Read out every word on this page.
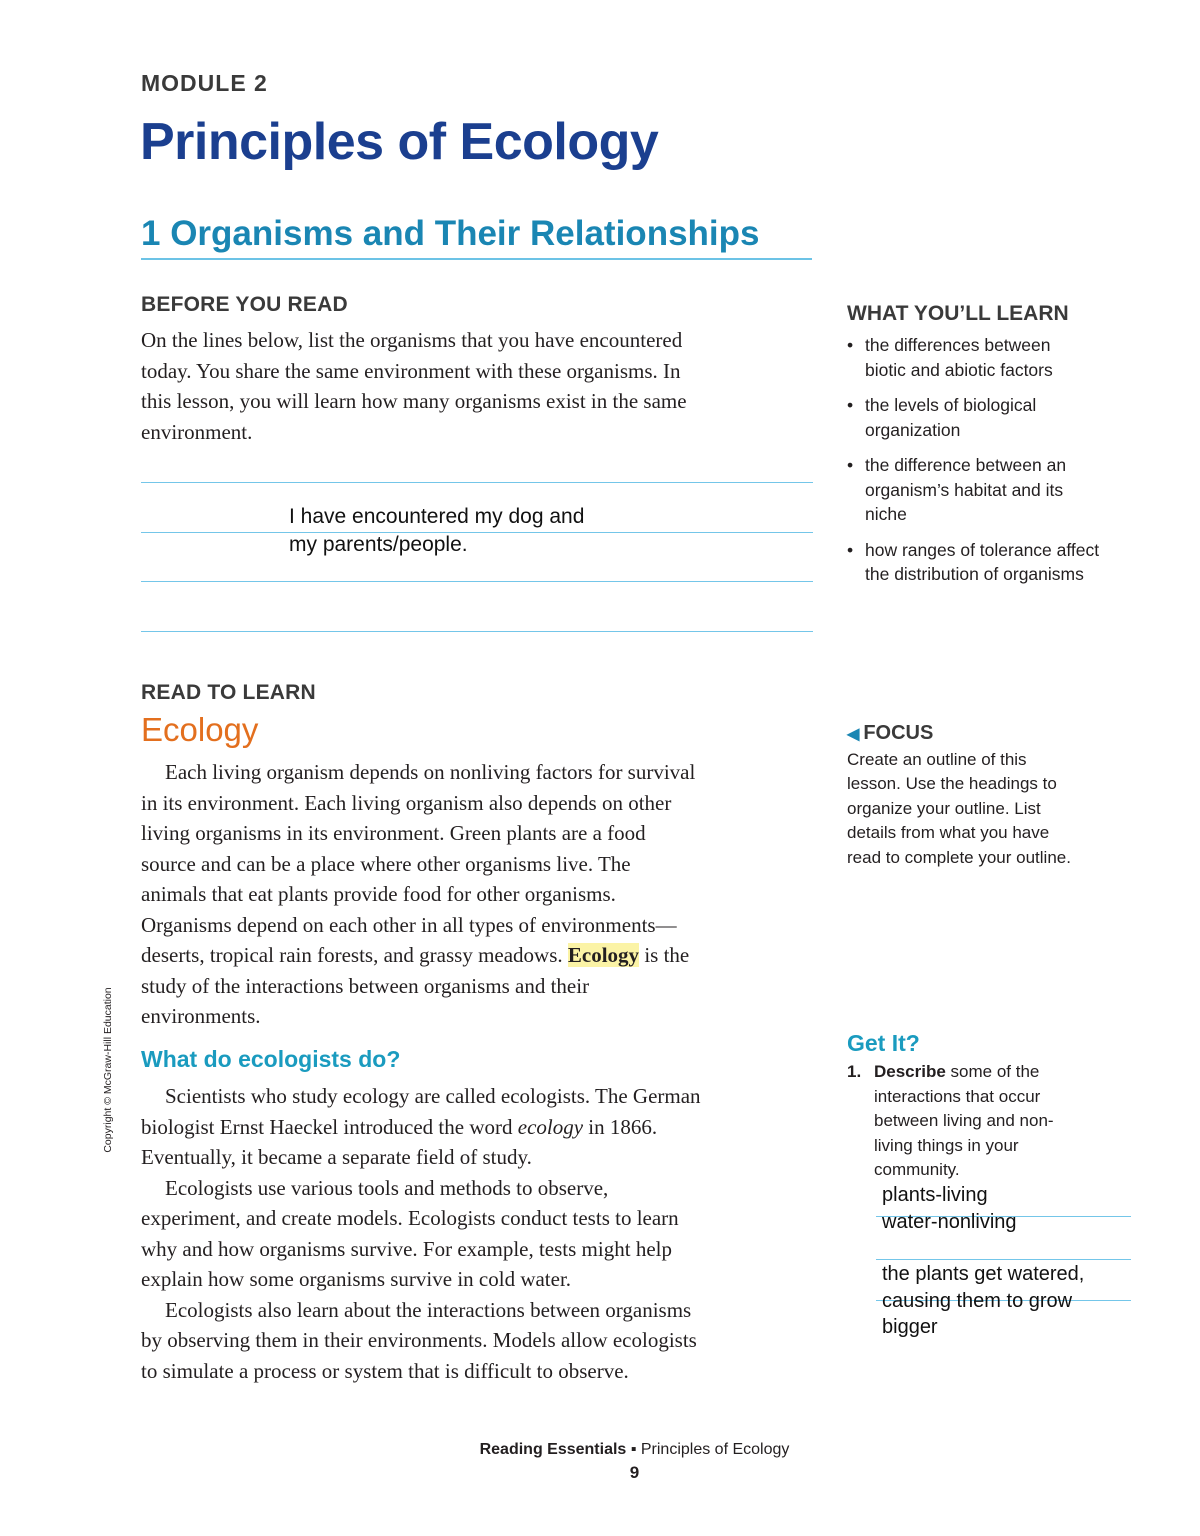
MODULE 2
Principles of Ecology
1 Organisms and Their Relationships
BEFORE YOU READ
On the lines below, list the organisms that you have encountered
today. You share the same environment with these organisms. In
this lesson, you will learn how many organisms exist in the same
environment.
I have encountered my dog and
my parents/people.
WHAT YOU’LL LEARN
• the differences between
biotic and abiotic factors
• the levels of biological
organization
• the difference between an
organism’s habitat and its
niche
• how ranges of tolerance affect
the distribution of organisms
READ TO LEARN
Ecology
Each living organism depends on nonliving factors for survival
in its environment. Each living organism also depends on other
living organisms in its environment. Green plants are a food
source and can be a place where other organisms live. The
animals that eat plants provide food for other organisms.
Organisms depend on each other in all types of environments—
deserts, tropical rain forests, and grassy meadows. Ecology is the
study of the interactions between organisms and their
environments.
What do ecologists do?
Scientists who study ecology are called ecologists. The German
biologist Ernst Haeckel introduced the word ecology in 1866.
Eventually, it became a separate field of study.
Ecologists use various tools and methods to observe,
experiment, and create models. Ecologists conduct tests to learn
why and how organisms survive. For example, tests might help
explain how some organisms survive in cold water.
Ecologists also learn about the interactions between organisms
by observing them in their environments. Models allow ecologists
to simulate a process or system that is difficult to observe.
◀ FOCUS
Create an outline of this
lesson. Use the headings to
organize your outline. List
details from what you have
read to complete your outline.
Get It?
1. Describe some of the
interactions that occur
between living and non-
living things in your
community.
plants-living
water-nonliving
the plants get watered,
causing them to grow
bigger
Copyright © McGraw-Hill Education
Reading Essentials ▪ Principles of Ecology
9
